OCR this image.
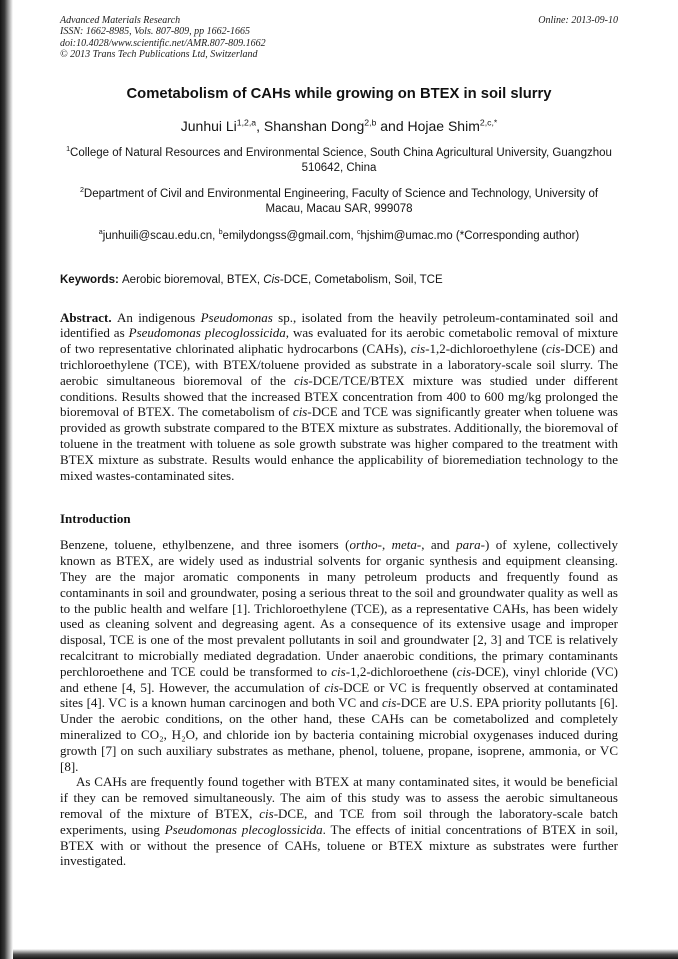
Advanced Materials Research
ISSN: 1662-8985, Vols. 807-809, pp 1662-1665
doi:10.4028/www.scientific.net/AMR.807-809.1662
© 2013 Trans Tech Publications Ltd, Switzerland
Online: 2013-09-10
Cometabolism of CAHs while growing on BTEX in soil slurry
Junhui Li$^{1,2,a}$, Shanshan Dong$^{2,b}$ and Hojae Shim$^{2,c,*}$
$^1$College of Natural Resources and Environmental Science, South China Agricultural University, Guangzhou 510642, China
$^2$Department of Civil and Environmental Engineering, Faculty of Science and Technology, University of Macau, Macau SAR, 999078
$^a$junhuili@scau.edu.cn, $^b$emilydongss@gmail.com, $^c$hjshim@umac.mo (*Corresponding author)
Keywords: Aerobic bioremoval, BTEX, Cis-DCE, Cometabolism, Soil, TCE

Abstract. An indigenous Pseudomonas sp., isolated from the heavily petroleum-contaminated soil and identified as Pseudomonas plecoglossicida, was evaluated for its aerobic cometabolic removal of mixture of two representative chlorinated aliphatic hydrocarbons (CAHs), cis-1,2-dichloroethylene (cis-DCE) and trichloroethylene (TCE), with BTEX/toluene provided as substrate in a laboratory-scale soil slurry. The aerobic simultaneous bioremoval of the cis-DCE/TCE/BTEX mixture was studied under different conditions. Results showed that the increased BTEX concentration from 400 to 600 mg/kg prolonged the bioremoval of BTEX. The cometabolism of cis-DCE and TCE was significantly greater when toluene was provided as growth substrate compared to the BTEX mixture as substrates. Additionally, the bioremoval of toluene in the treatment with toluene as sole growth substrate was higher compared to the treatment with BTEX mixture as substrate. Results would enhance the applicability of bioremediation technology to the mixed wastes-contaminated sites.

Introduction

Benzene, toluene, ethylbenzene, and three isomers (ortho-, meta-, and para-) of xylene, collectively known as BTEX, are widely used as industrial solvents for organic synthesis and equipment cleansing. They are the major aromatic components in many petroleum products and frequently found as contaminants in soil and groundwater, posing a serious threat to the soil and groundwater quality as well as to the public health and welfare [1]. Trichloroethylene (TCE), as a representative CAHs, has been widely used as cleaning solvent and degreasing agent. As a consequence of its extensive usage and improper disposal, TCE is one of the most prevalent pollutants in soil and groundwater [2, 3] and TCE is relatively recalcitrant to microbially mediated degradation. Under anaerobic conditions, the primary contaminants perchloroethene and TCE could be transformed to cis-1,2-dichloroethene (cis-DCE), vinyl chloride (VC) and ethene [4, 5]. However, the accumulation of cis-DCE or VC is frequently observed at contaminated sites [4]. VC is a known human carcinogen and both VC and cis-DCE are U.S. EPA priority pollutants [6]. Under the aerobic conditions, on the other hand, these CAHs can be cometabolized and completely mineralized to CO₂, H₂O, and chloride ion by bacteria containing microbial oxygenases induced during growth [7] on such auxiliary substrates as methane, phenol, toluene, propane, isoprene, ammonia, or VC [8].

As CAHs are frequently found together with BTEX at many contaminated sites, it would be beneficial if they can be removed simultaneously. The aim of this study was to assess the aerobic simultaneous removal of the mixture of BTEX, cis-DCE, and TCE from soil through the laboratory-scale batch experiments, using Pseudomonas plecoglossicida. The effects of initial concentrations of BTEX in soil, BTEX with or without the presence of CAHs, toluene or BTEX mixture as substrates were further investigated.
